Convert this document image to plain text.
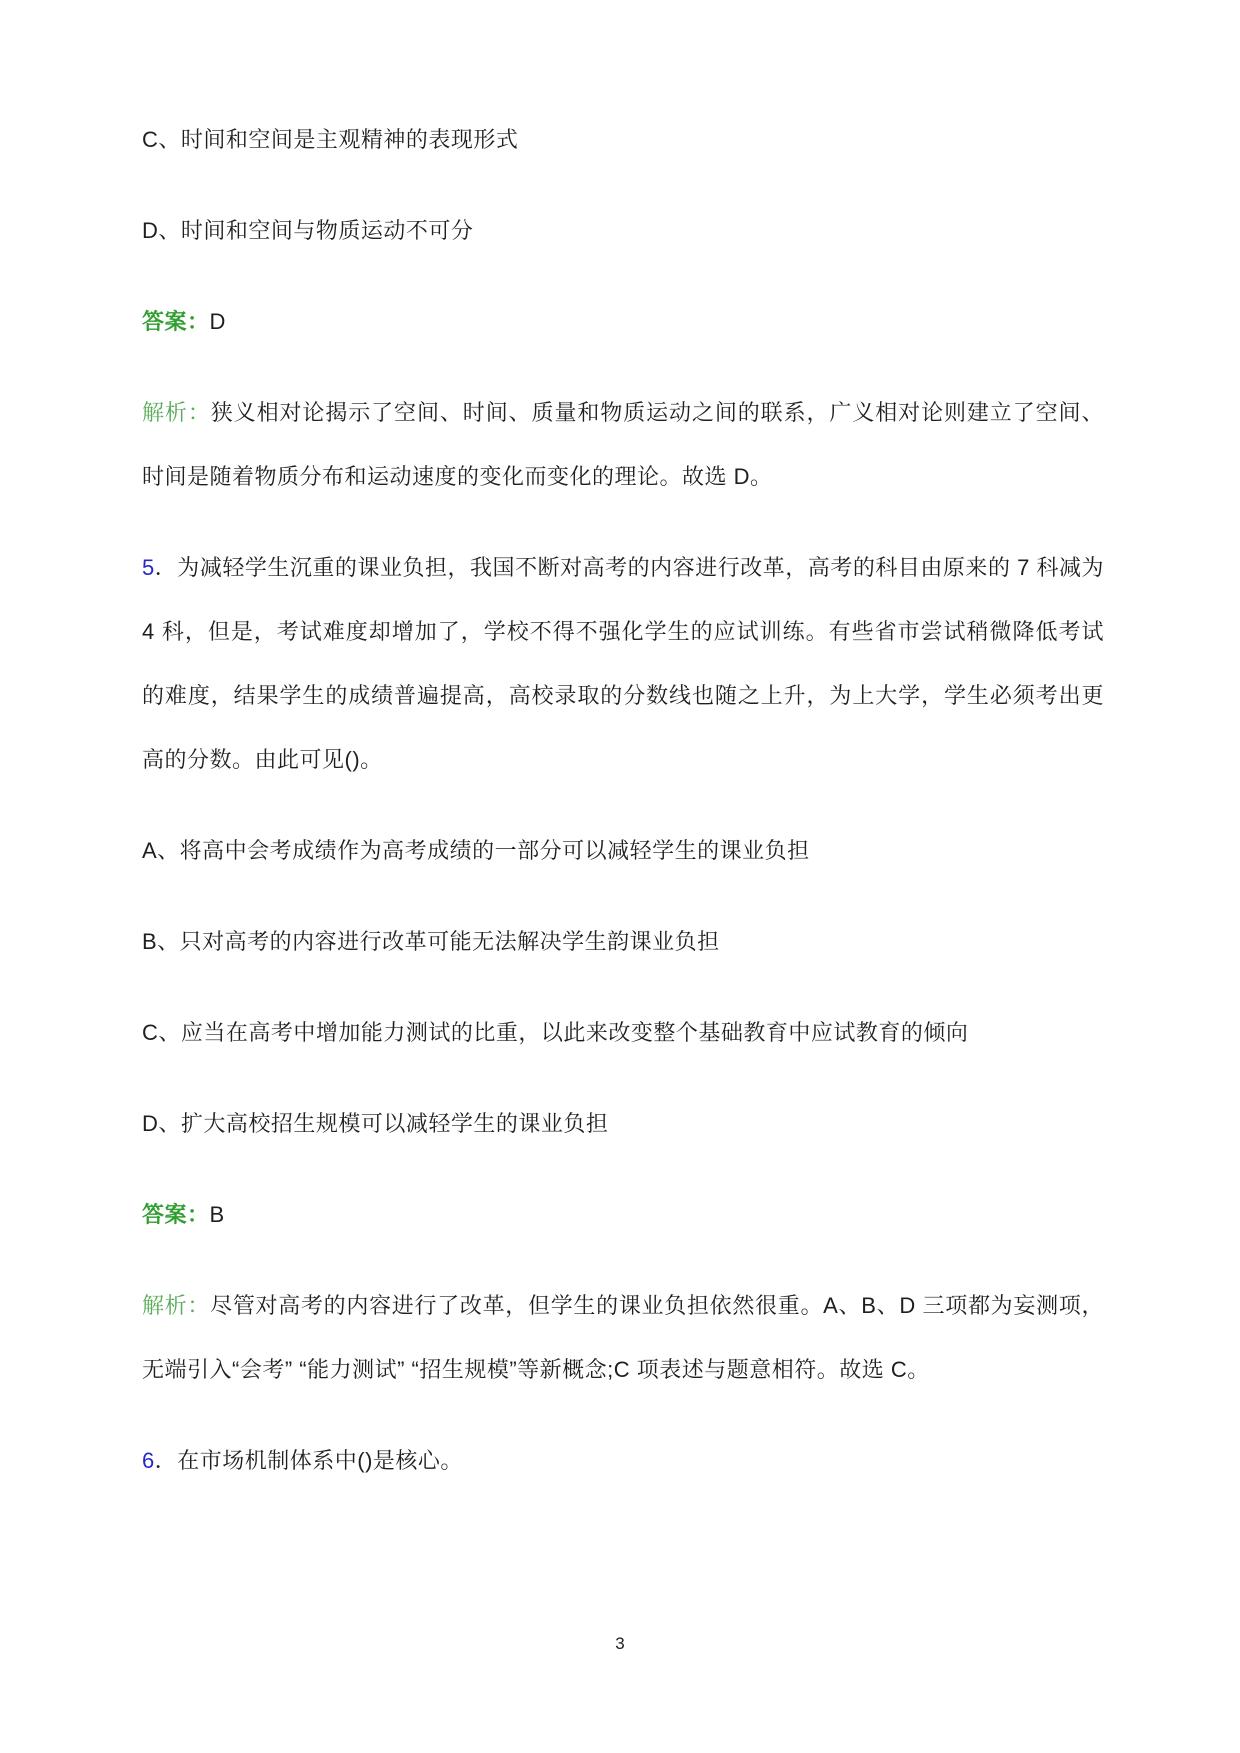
C、时间和空间是主观精神的表现形式

D、时间和空间与物质运动不可分

答案：D

解析：狭义相对论揭示了空间、时间、质量和物质运动之间的联系，广义相对论则建立了空间、时间是随着物质分布和运动速度的变化而变化的理论。故选 D。

5．为减轻学生沉重的课业负担，我国不断对高考的内容进行改革，高考的科目由原来的 7 科减为 4 科，但是，考试难度却增加了，学校不得不强化学生的应试训练。有些省市尝试稍微降低考试的难度，结果学生的成绩普遍提高，高校录取的分数线也随之上升，为上大学，学生必须考出更高的分数。由此可见()。

A、将高中会考成绩作为高考成绩的一部分可以减轻学生的课业负担

B、只对高考的内容进行改革可能无法解决学生韵课业负担

C、应当在高考中增加能力测试的比重，以此来改变整个基础教育中应试教育的倾向

D、扩大高校招生规模可以减轻学生的课业负担

答案：B

解析：尽管对高考的内容进行了改革，但学生的课业负担依然很重。A、B、D 三项都为妄测项，无端引入“会考” “能力测试” “招生规模”等新概念;C 项表述与题意相符。故选 C。

6．在市场机制体系中()是核心。

3
